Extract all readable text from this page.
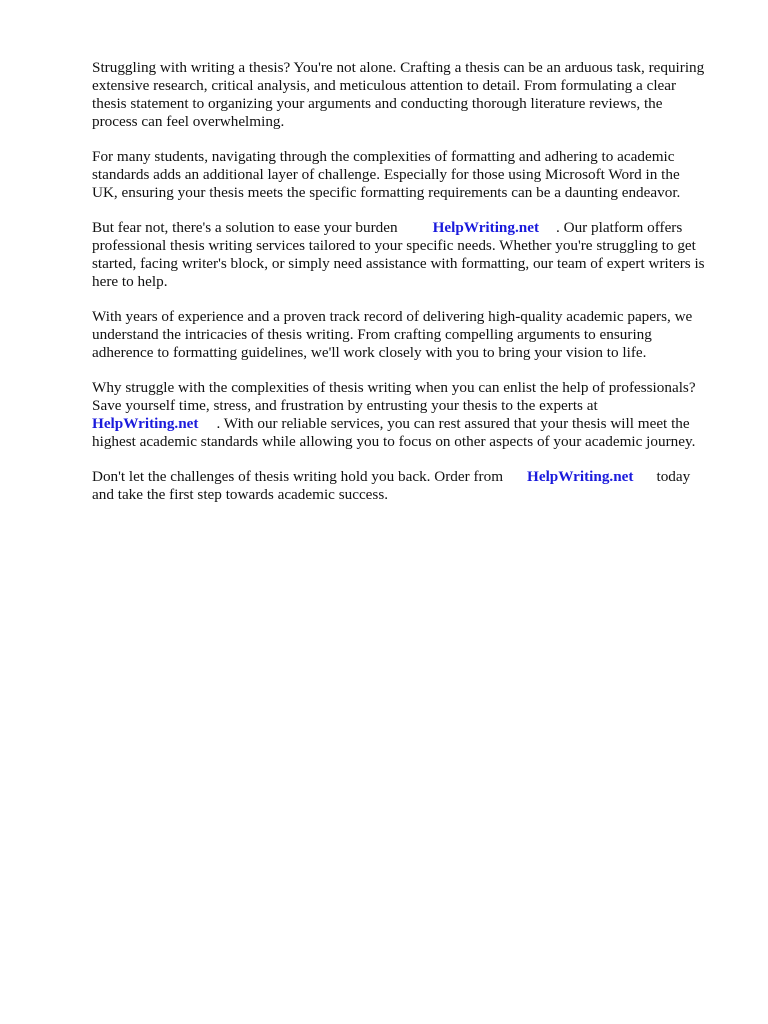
Struggling with writing a thesis? You're not alone. Crafting a thesis can be an arduous task, requiring
extensive research, critical analysis, and meticulous attention to detail. From formulating a clear
thesis statement to organizing your arguments and conducting thorough literature reviews, the
process can feel overwhelming.

For many students, navigating through the complexities of formatting and adhering to academic
standards adds an additional layer of challenge. Especially for those using Microsoft Word in the
UK, ensuring your thesis meets the specific formatting requirements can be a daunting endeavor.

But fear not, there's a solution to ease your burden HelpWriting.net . Our platform offers
professional thesis writing services tailored to your specific needs. Whether you're struggling to get
started, facing writer's block, or simply need assistance with formatting, our team of expert writers is
here to help.

With years of experience and a proven track record of delivering high-quality academic papers, we
understand the intricacies of thesis writing. From crafting compelling arguments to ensuring
adherence to formatting guidelines, we'll work closely with you to bring your vision to life.

Why struggle with the complexities of thesis writing when you can enlist the help of professionals?
Save yourself time, stress, and frustration by entrusting your thesis to the experts at
HelpWriting.net . With our reliable services, you can rest assured that your thesis will meet the
highest academic standards while allowing you to focus on other aspects of your academic journey.

Don't let the challenges of thesis writing hold you back. Order from HelpWriting.net today
and take the first step towards academic success.
